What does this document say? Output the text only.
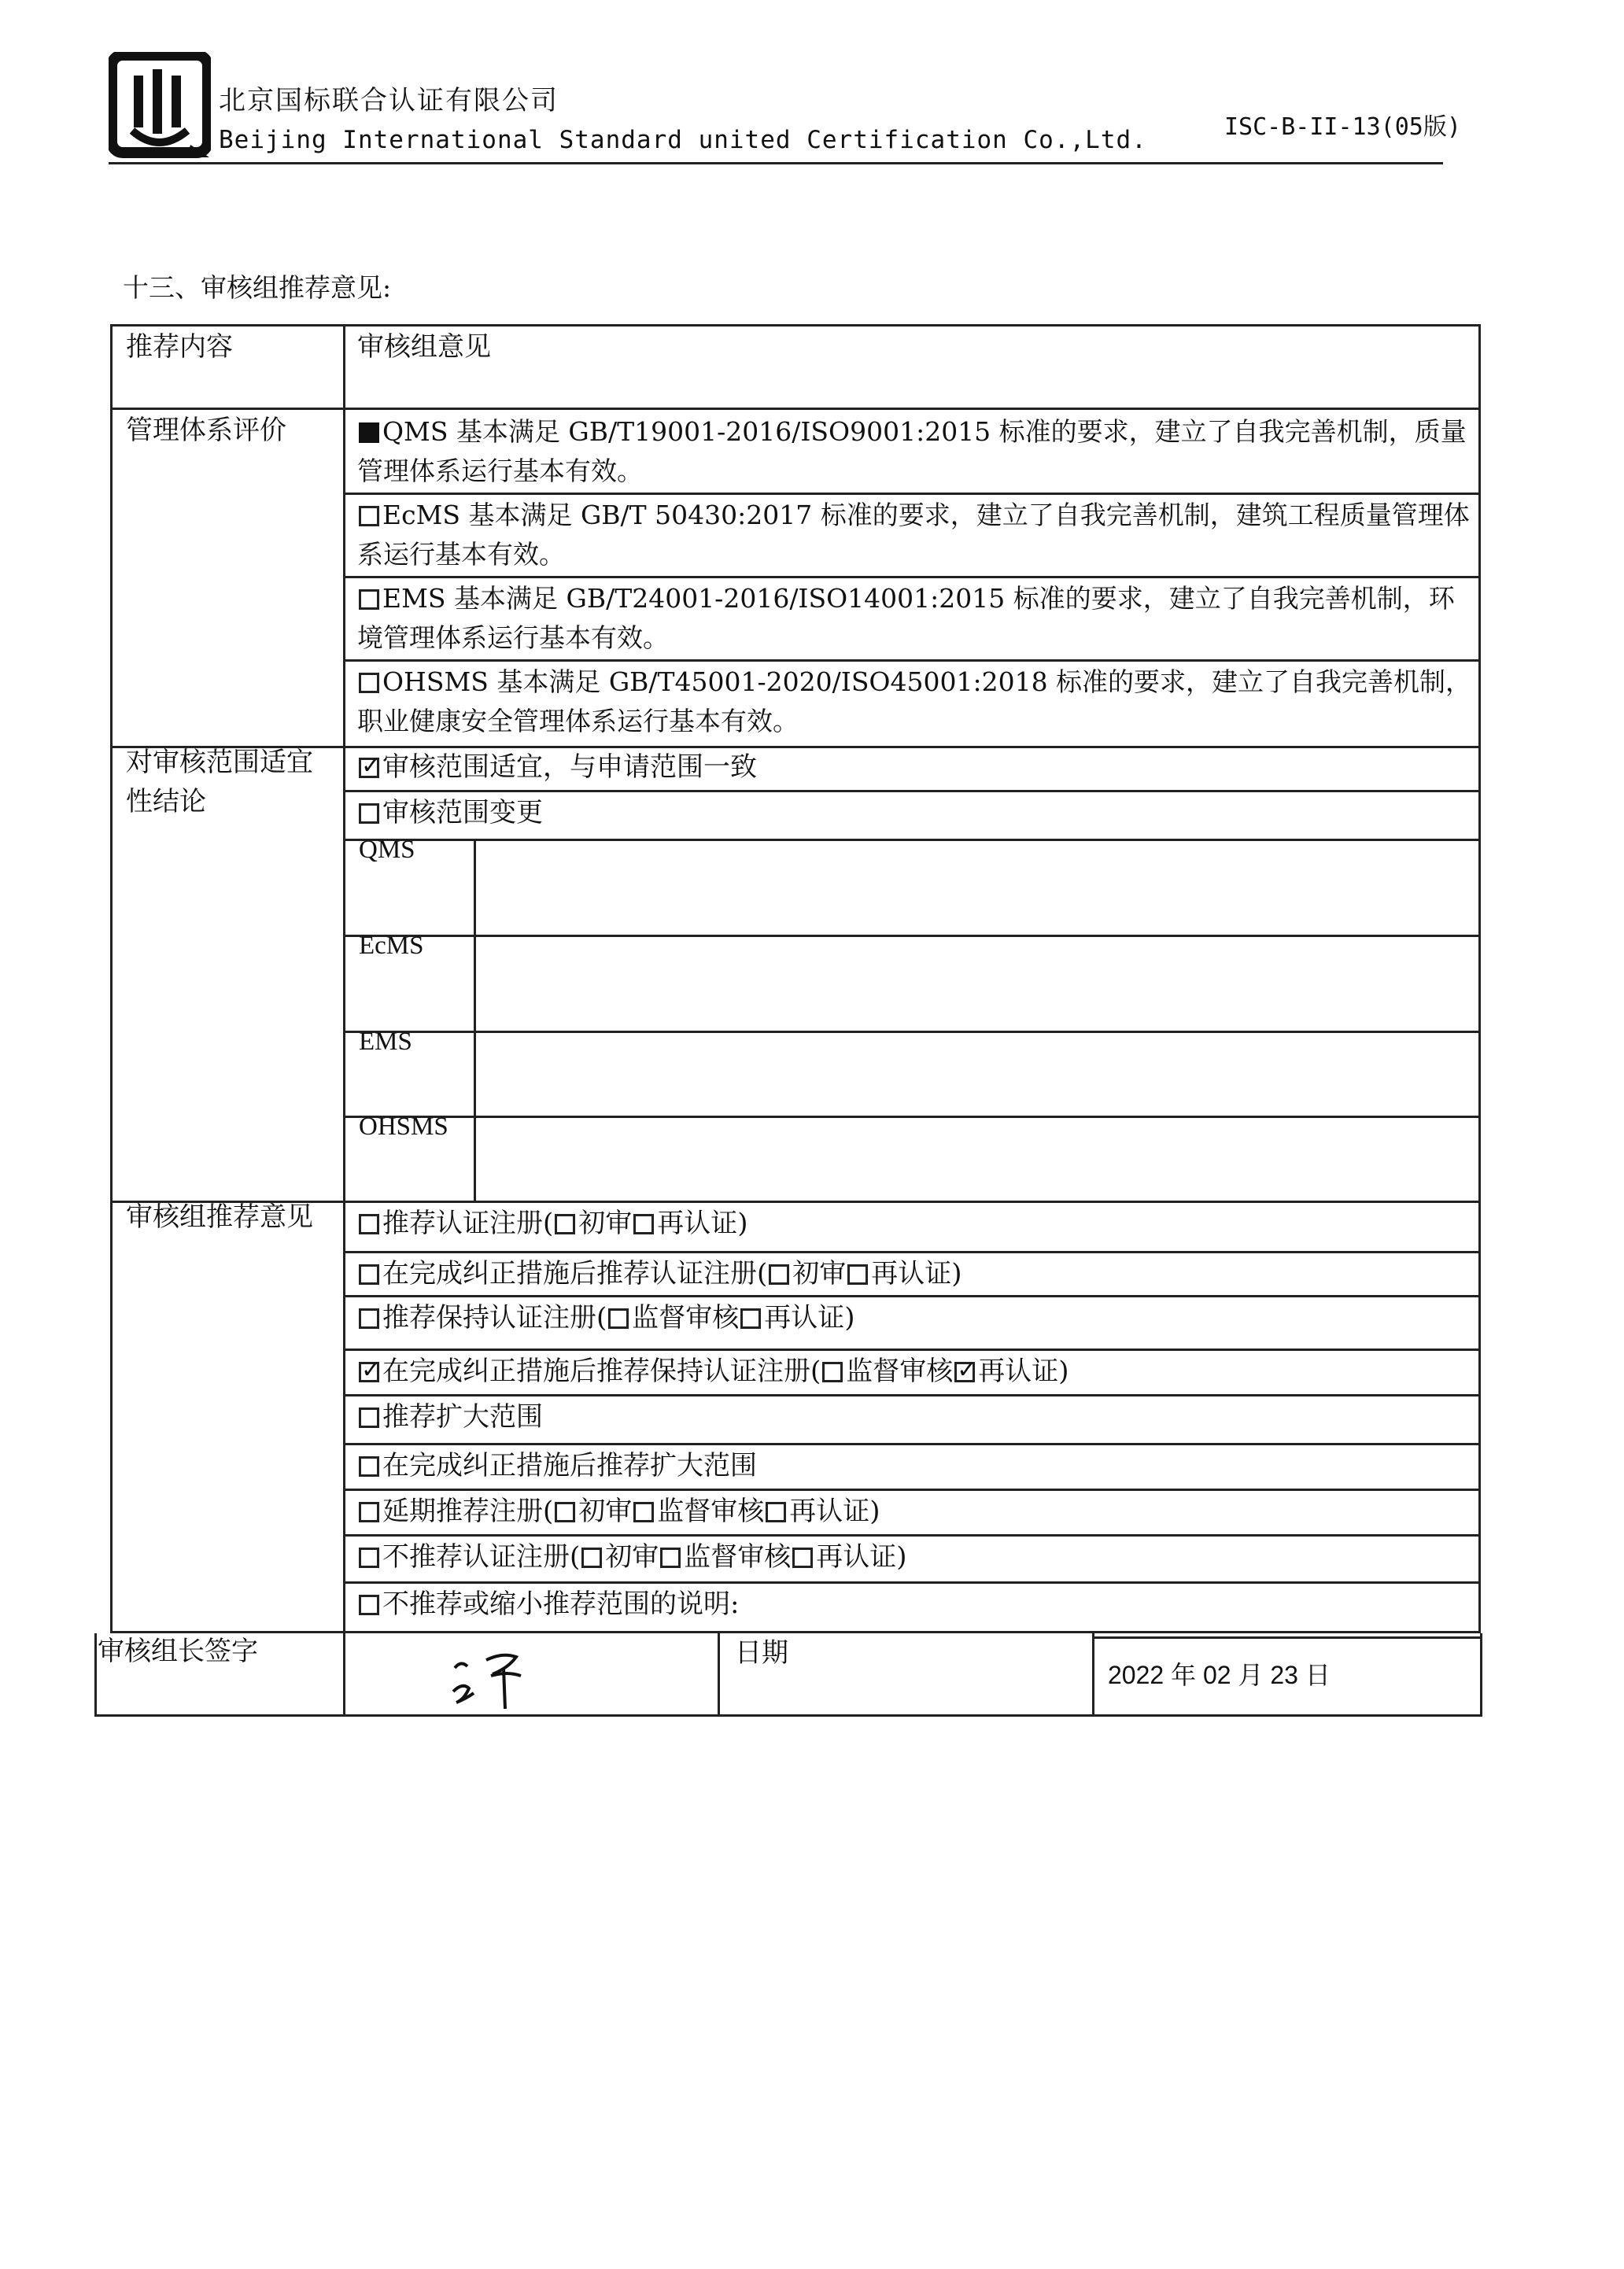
北京国标联合认证有限公司
Beijing International Standard united Certification Co.,Ltd.	ISC-B-II-13(05版)
十三、审核组推荐意见:
推荐内容	审核组意见
管理体系评价	QMS 基本满足 GB/T19001-2016/ISO9001:2015 标准的要求，建立了自我完善机制，质量管理体系运行基本有效。
EcMS 基本满足 GB/T 50430:2017 标准的要求，建立了自我完善机制，建筑工程质量管理体系运行基本有效。
EMS 基本满足 GB/T24001-2016/ISO14001:2015 标准的要求，建立了自我完善机制，环境管理体系运行基本有效。
OHSMS 基本满足 GB/T45001-2020/ISO45001:2018 标准的要求，建立了自我完善机制，职业健康安全管理体系运行基本有效。
对审核范围适宜
性结论
✓审核范围适宜，与申请范围一致
审核范围变更
QMS
EcMS
EMS
OHSMS
审核组推荐意见	推荐认证注册( 初审 再认证)
在完成纠正措施后推荐认证注册( 初审 再认证)
推荐保持认证注册( 监督审核 再认证)
✓在完成纠正措施后推荐保持认证注册( 监督审核✓ 再认证)
推荐扩大范围
在完成纠正措施后推荐扩大范围
延期推荐注册( 初审 监督审核 再认证)
不推荐认证注册( 初审 监督审核 再认证)
不推荐或缩小推荐范围的说明:
审核组长签字	日期
2022 年 02 月 23 日
